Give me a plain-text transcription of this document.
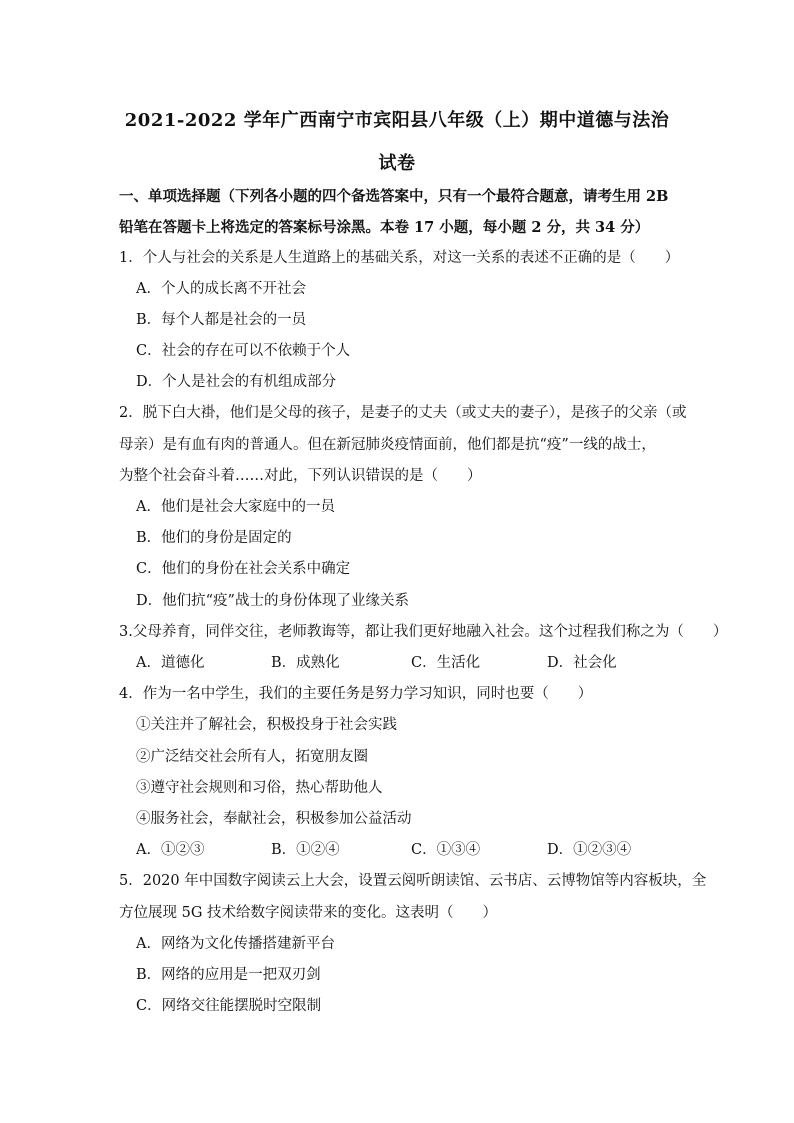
2021-2022 学年广西南宁市宾阳县八年级（上）期中道德与法治
试卷
一、单项选择题（下列各小题的四个备选答案中，只有一个最符合题意，请考生用 2B 铅笔在答题卡上将选定的答案标号涂黑。本卷 17 小题，每小题 2 分，共 34 分）
1．个人与社会的关系是人生道路上的基础关系，对这一关系的表述不正确的是（　　）
A．个人的成长离不开社会
B．每个人都是社会的一员
C．社会的存在可以不依赖于个人
D．个人是社会的有机组成部分
2．脱下白大褂，他们是父母的孩子，是妻子的丈夫（或丈夫的妻子），是孩子的父亲（或
母亲）是有血有肉的普通人。但在新冠肺炎疫情面前，他们都是抗“疫”一线的战士，
为整个社会奋斗着……对此，下列认识错误的是（　　）
A．他们是社会大家庭中的一员
B．他们的身份是固定的
C．他们的身份在社会关系中确定
D．他们抗“疫”战士的身份体现了业缘关系
3.父母养育，同伴交往，老师教诲等，都让我们更好地融入社会。这个过程我们称之为（　　）
A．道德化	B．成熟化	C．生活化	D．社会化
4．作为一名中学生，我们的主要任务是努力学习知识，同时也要（　　）
①关注并了解社会，积极投身于社会实践
②广泛结交社会所有人，拓宽朋友圈
③遵守社会规则和习俗，热心帮助他人
④服务社会，奉献社会，积极参加公益活动
A．①②③	B．①②④	C．①③④	D．①②③④
5．2020 年中国数字阅读云上大会，设置云阅听朗读馆、云书店、云博物馆等内容板块，全
方位展现 5G 技术给数字阅读带来的变化。这表明（　　）
A．网络为文化传播搭建新平台
B．网络的应用是一把双刃剑
C．网络交往能摆脱时空限制
